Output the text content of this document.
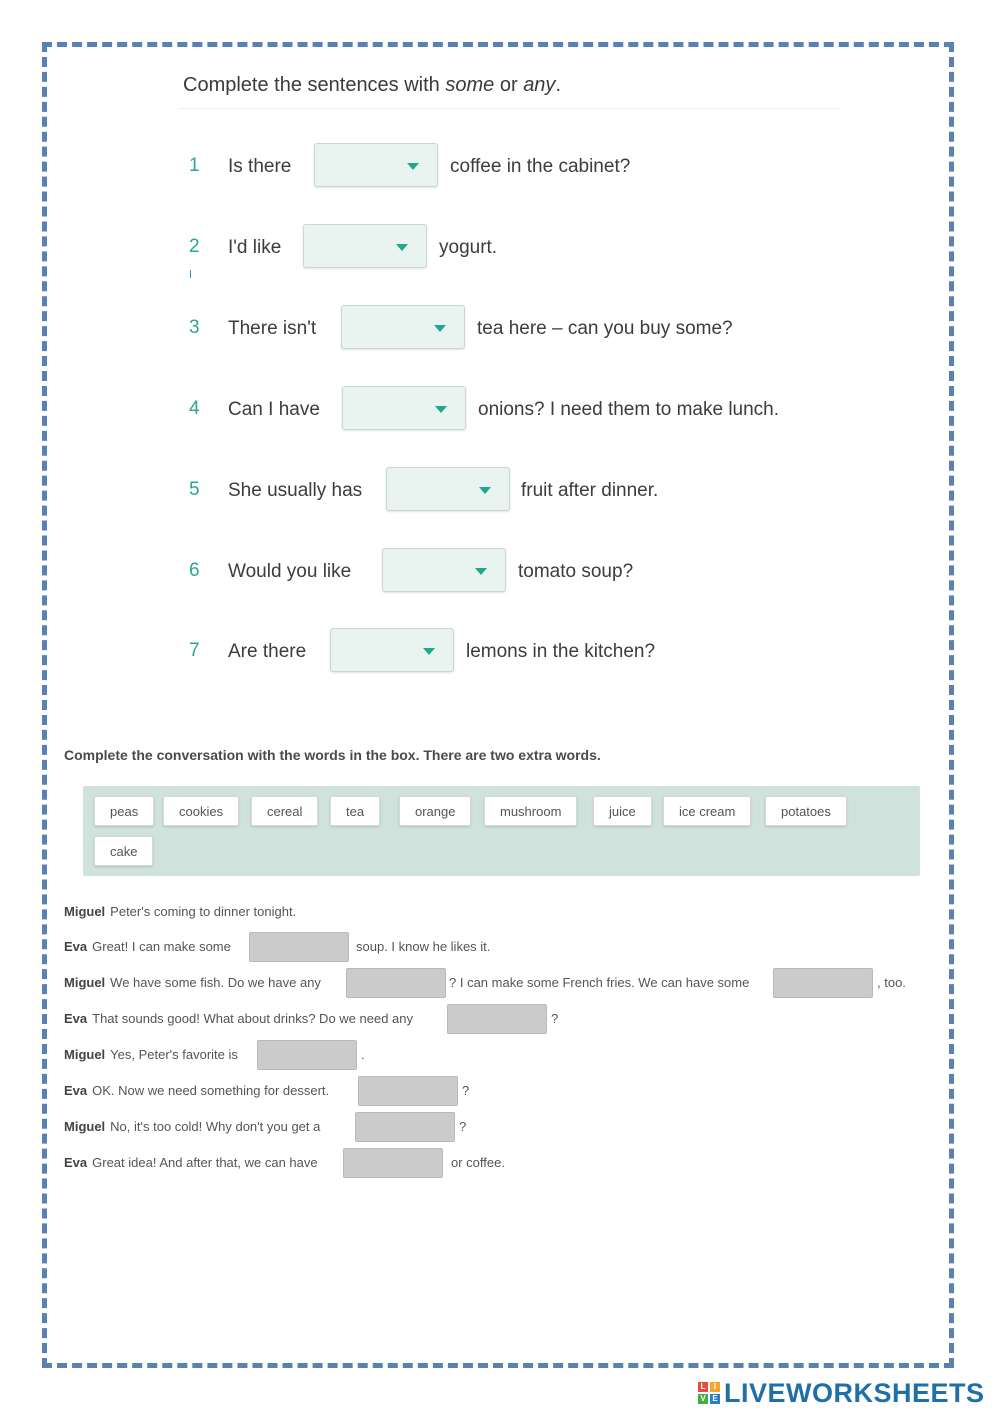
Complete the sentences with some or any.
1 Is there	coffee in the cabinet?
2 I'd like	yogurt.
3 There isn't	tea here – can you buy some?
4 Can I have	onions? I need them to make lunch.
5 She usually has	fruit after dinner.
6 Would you like	tomato soup?
7 Are there	lemons in the kitchen?
Complete the conversation with the words in the box. There are two extra words.
peas	cookies	cereal	tea	orange	mushroom	juice	ice cream	potatoes
cake
Miguel Peter's coming to dinner tonight.
Eva Great! I can make some	soup. I know he likes it.
Miguel We have some fish. Do we have any	? I can make some French fries. We can have some	, too.
Eva That sounds good! What about drinks? Do we need any	?
Miguel Yes, Peter's favorite is	.
Eva OK. Now we need something for dessert.	?
Miguel No, it's too cold! Why don't you get a	?
Eva Great idea! And after that, we can have	or coffee.
L	I
V E LIVEWORKSHEETS
